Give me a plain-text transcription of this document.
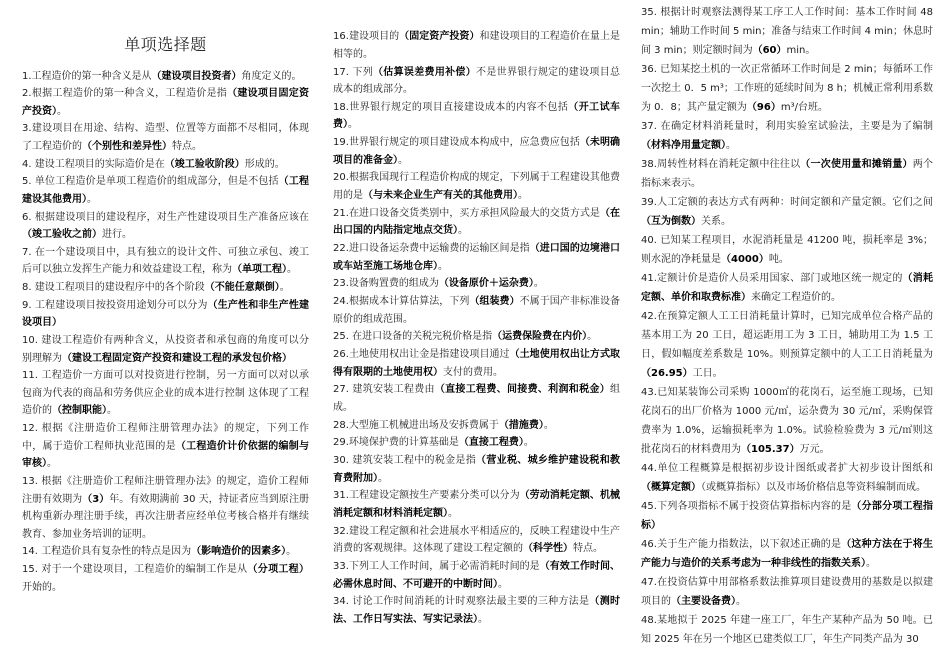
单项选择题

1.工程造价的第一种含义是从（建设项目投资者）角度定义的。

2.根据工程造价的第一种含义，工程造价是指（建设项目固定资产投资）。

3.建设项目在用途、结构、造型、位置等方面都不尽相同，体现了工程造价的（个别性和差异性）特点。

4. 建设工程项目的实际造价是在（竣工验收阶段）形成的。

5. 单位工程造价是单项工程造价的组成部分，但是不包括（工程建设其他费用）。

6. 根据建设项目的建设程序，对生产性建设项目生产准备应该在（竣工验收之前）进行。

7. 在一个建设项目中，具有独立的设计文件、可独立承包、竣工后可以独立发挥生产能力和效益建设工程，称为（单项工程）。

8. 建设工程项目的建设程序中的各个阶段（不能任意颠倒）。

9. 工程建设项目按投资用途划分可以分为（生产性和非生产性建设项目）

10. 建设工程造价有两种含义，从投资者和承包商的角度可以分别理解为（建设工程固定资产投资和建设工程的承发包价格）

11. 工程造价一方面可以对投资进行控制，另一方面可以对以承包商为代表的商品和劳务供应企业的成本进行控制 这体现了工程造价的（控制职能）。

12. 根据《注册造价工程师注册管理办法》的规定，下列工作中，属于造价工程师执业范围的是（工程造价计价依据的编制与审核）。

13. 根据《注册造价工程师注册管理办法》的规定，造价工程师注册有效期为（3）年。有效期满前 30 天，持证者应当到原注册机构重新办理注册手续，再次注册者应经单位考核合格并有继续教育、参加业务培训的证明。

14. 工程造价具有复杂性的特点是因为（影响造价的因素多）。

15. 对于一个建设项目，工程造价的编制工作是从（分项工程）开始的。

16.建设项目的（固定资产投资）和建设项目的工程造价在量上是相等的。

17. 下列（估算误差费用补偿）不是世界银行规定的建设项目总成本的组成部分。

18.世界银行规定的项目直接建设成本的内容不包括（开工试车费）。

19.世界银行规定的项目建设成本构成中，应急费应包括（未明确项目的准备金）。

20.根据我国现行工程造价构成的规定，下列属于工程建设其他费用的是（与未来企业生产有关的其他费用）。

21.在进口设备交货类别中，买方承担风险最大的交货方式是（在出口国的内陆指定地点交货）。

22.进口设备运杂费中运输费的运输区间是指（进口国的边境港口或车站至施工场地仓库）。

23.设备购置费的组成为（设备原价＋运杂费）。

24.根据成本计算估算法，下列（组装费）不属于国产非标准设备原价的组成范围。

25. 在进口设备的关税完税价格是指（运费保险费在内价）。

26.土地使用权出让金是指建设项目通过（土地使用权出让方式取得有限期的土地使用权）支付的费用。

27. 建筑安装工程费由（直接工程费、间接费、利润和税金）组成。

28.大型施工机械进出场及安拆费属于（措施费）。

29.环境保护费的计算基础是（直接工程费）。

30. 建筑安装工程中的税金是指（营业税、城乡维护建设税和教育费附加）。

31.工程建设定额按生产要素分类可以分为（劳动消耗定额、机械消耗定额和材料消耗定额）。

32.建设工程定额和社会进展水平相适应的，反映工程建设中生产消费的客观规律。这体现了建设工程定额的（科学性）特点。

33.下列工人工作时间，属于必需消耗时间的是（有效工作时间、必需休息时间、不可避开的中断时间）。

34. 讨论工作时间消耗的计时观察法最主要的三种方法是（测时法、工作日写实法、写实记录法）。

35. 根据计时观察法测得某工序工人工作时间：基本工作时间 48 min；辅助工作时间 5 min；准备与结束工作时间 4 min；休息时间 3 min；则定额时间为（60）min。

36. 已知某挖土机的一次正常循环工作时间是 2 min；每循环工作一次挖土 0．5 m³；工作班的延续时间为 8 h；机械正常利用系数为 0．8；其产量定额为（96）m³/台班。

37. 在确定材料消耗量时，利用实验室试验法，主要是为了编制（材料净用量定额）。

38.周转性材料在消耗定额中往往以（一次使用量和摊销量）两个指标来表示。

39.人工定额的表达方式有两种：时间定额和产量定额。它们之间（互为倒数）关系。

40. 已知某工程项目，水泥消耗量是 41200 吨，损耗率是 3%；则水泥的净耗量是（4000）吨。

41.定额计价是造价人员采用国家、部门或地区统一规定的（消耗定额、单价和取费标准）来确定工程造价的。

42.在预算定额人工工日消耗量计算时，已知完成单位合格产品的基本用工为 20 工日，超运距用工为 3 工日，辅助用工为 1.5 工日，假如幅度差系数是 10%。则预算定额中的人工工日消耗量为（26.95）工日。

43.已知某装饰公司采购 1000㎡的花岗石，运至施工现场，已知花岗石的出厂价格为 1000 元/㎡，运杂费为 30 元/㎡，采购保管费率为 1.0%，运输损耗率为 1.0%。试验检验费为 3 元/㎡则这批花岗石的材料费用为（105.37）万元。

44.单位工程概算是根据初步设计图纸或者扩大初步设计图纸和（概算定额）（或概算指标）以及市场价格信息等资料编制而成。

45.下列各项指标不属于投资估算指标内容的是（分部分项工程指标）

46.关于生产能力指数法，以下叙述正确的是（这种方法在于将生产能力与造价的关系考虑为一种非线性的指数关系）。

47.在投资估算中用部格系数法推算项目建设费用的基数是以拟建项目的（主要设备费）。

48.某地拟于 2025 年建一座工厂，年生产某种产品为 50 吨。已知 2025 年在另一个地区已建类似工厂，年生产同类产品为 30
